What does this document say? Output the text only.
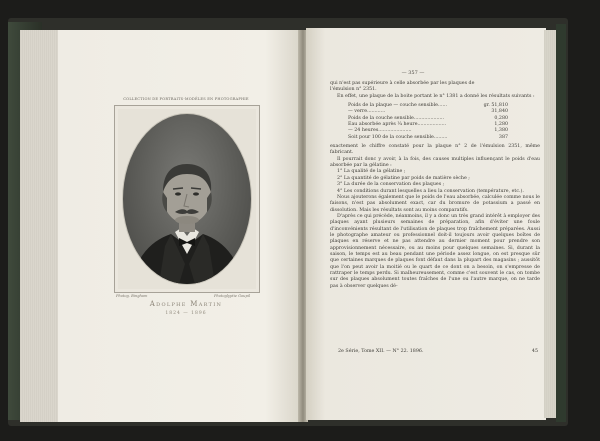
COLLECTION DE PORTRAITS-MODÈLES EN PHOTOGRAPHIE
Photog. Bingham	Photoglyptie Goupil
Adolphe Martin
1824 — 1896
— 357 —

qui n'est pas supérieure à celle absorbée par les plaques de

l'émulsion n° 2351.

En effet, une plaque de la boite portant le n° 1381 a donné les résultats suivants :

Poids de la plaque — couche sensible......	gr. 51,810
— verre............	31,840
Poids de la couche sensible....................	0,280
Eau absorbée après ¼ heure...................	1,280
— 24 heures......................	1,380
Soit pour 100 de la couche sensible.........	387

exactement le chiffre constaté pour la plaque n° 2 de l'émulsion 2351, même fabricant.

Il pourrait donc y avoir, à la fois, des causes multiples influençant le poids d'eau absorbée par la gélatine :

1° La qualité de la gélatine ;

2° La quantité de gélatine par poids de matière sèche ;

3° La durée de la conservation des plaques ;

4° Les conditions durant lesquelles a lieu la conservation (température, etc.).

Nous ajouterons également que le poids de l'eau absorbée, calculée comme nous le faisons, n'est pas absolument exact, car du bromure de potassium a passé en dissolution. Mais les résultats sont au moins comparatifs.

D'après ce qui précède, néanmoins, il y a donc un très grand intérêt à employer des plaques ayant plusieurs semaines de préparation, afin d'éviter une foule d'inconvénients résultant de l'utilisation de plaques trop fraîchement préparées. Aussi le photographe amateur ou professionnel doit-il toujours avoir quelques boîtes de plaques en réserve et ne pas attendre au dernier moment pour prendre son approvisionnement nécessaire, ou au moins pour quelques semaines. Si, durant la saison, le temps est au beau pendant une période assez longue, on est presque sûr que certaines marques de plaques font défaut dans la plupart des magasins ; aussitôt que l'on peut avoir la moitié ou le quart de ce dont on a besoin, on s'empresse de rattraper le temps perdu. Si malheureusement, comme c'est souvent le cas, on tombe sur des plaques absolument toutes fraîches de l'une ou l'autre marque, on ne tarde pas à observer quelques dé-

2e Série, Tome XII. — N° 22. 1896.	45
